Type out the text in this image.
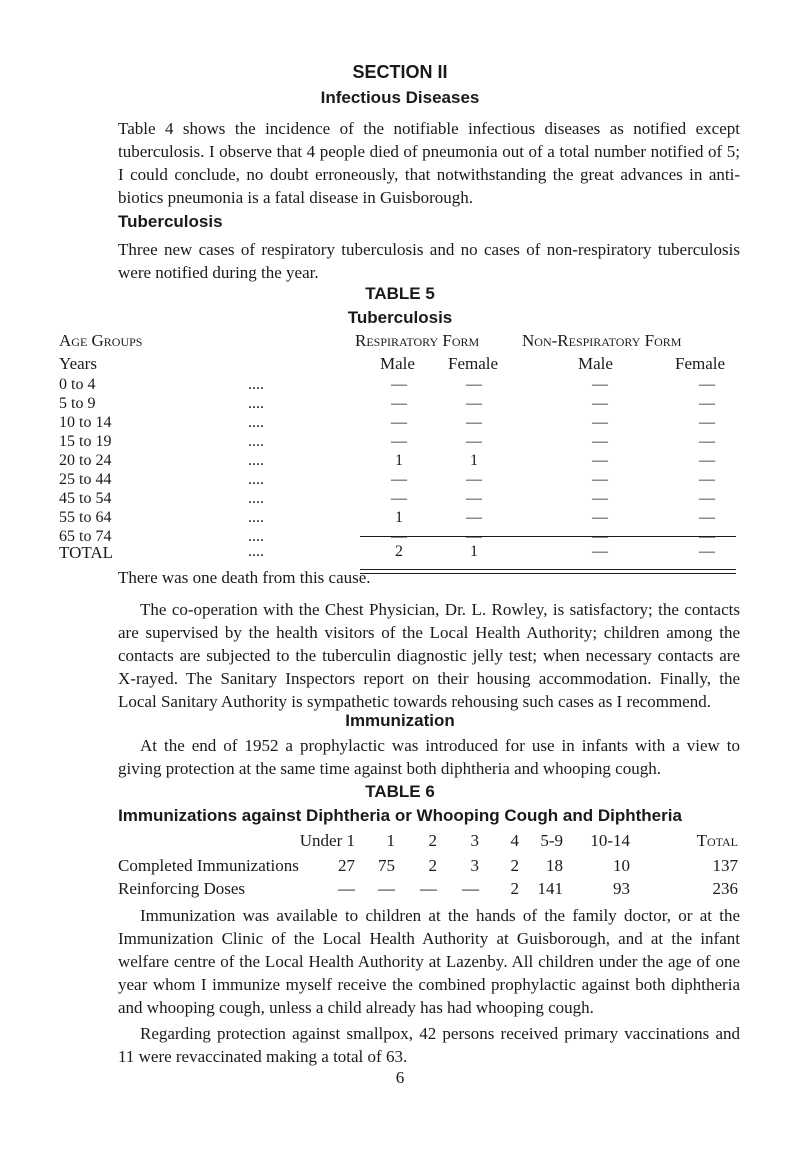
SECTION II
Infectious Diseases

Table 4 shows the incidence of the notifiable infectious diseases as notified except tuberculosis. I observe that 4 people died of pneumonia out of a total number notified of 5; I could conclude, no doubt erroneously, that notwithstanding the great advances in anti-biotics pneumonia is a fatal disease in Guisborough.

Tuberculosis

Three new cases of respiratory tuberculosis and no cases of non-respiratory tuberculosis were notified during the year.

TABLE 5
Tuberculosis
Age Groups	Respiratory Form	Non-Respiratory Form
Years	Male Female	Male	Female
0 to 4	....	—	—	—	—
5 to 9	....	—	—	—	—
10 to 14	....	—	—	—	—
15 to 19	....	—	—	—	—
20 to 24	....	1	1	—	—
25 to 44	....	—	—	—	—
45 to 54	....	—	—	—	—
55 to 64	....	1	—	—	—
65 to 74	....	—	—	—	—
TOTAL	....	2	1	—	—
There was one death from this cause.

The co-operation with the Chest Physician, Dr. L. Rowley, is satisfactory; the contacts are supervised by the health visitors of the Local Health Authority; children among the contacts are subjected to the tuberculin diagnostic jelly test; when necessary contacts are X-rayed. The Sanitary Inspectors report on their housing accommodation. Finally, the Local Sanitary Authority is sympathetic towards rehousing such cases as I recommend.

Immunization

At the end of 1952 a prophylactic was introduced for use in infants with a view to giving protection at the same time against both diphtheria and whooping cough.

TABLE 6
Immunizations against Diphtheria or Whooping Cough and Diphtheria
Under 1	1	2	3	4	5-9	10-14	Total
Completed Immunizations	27	75	2	3	2	18	10	137
Reinforcing Doses	—	—	—	—	2	141	93	236

Immunization was available to children at the hands of the family doctor, or at the Immunization Clinic of the Local Health Authority at Guisborough, and at the infant welfare centre of the Local Health Authority at Lazenby. All children under the age of one year whom I immunize myself receive the combined prophylactic against both diphtheria and whooping cough, unless a child already has had whooping cough.

Regarding protection against smallpox, 42 persons received primary vaccinations and 11 were revaccinated making a total of 63.

6
